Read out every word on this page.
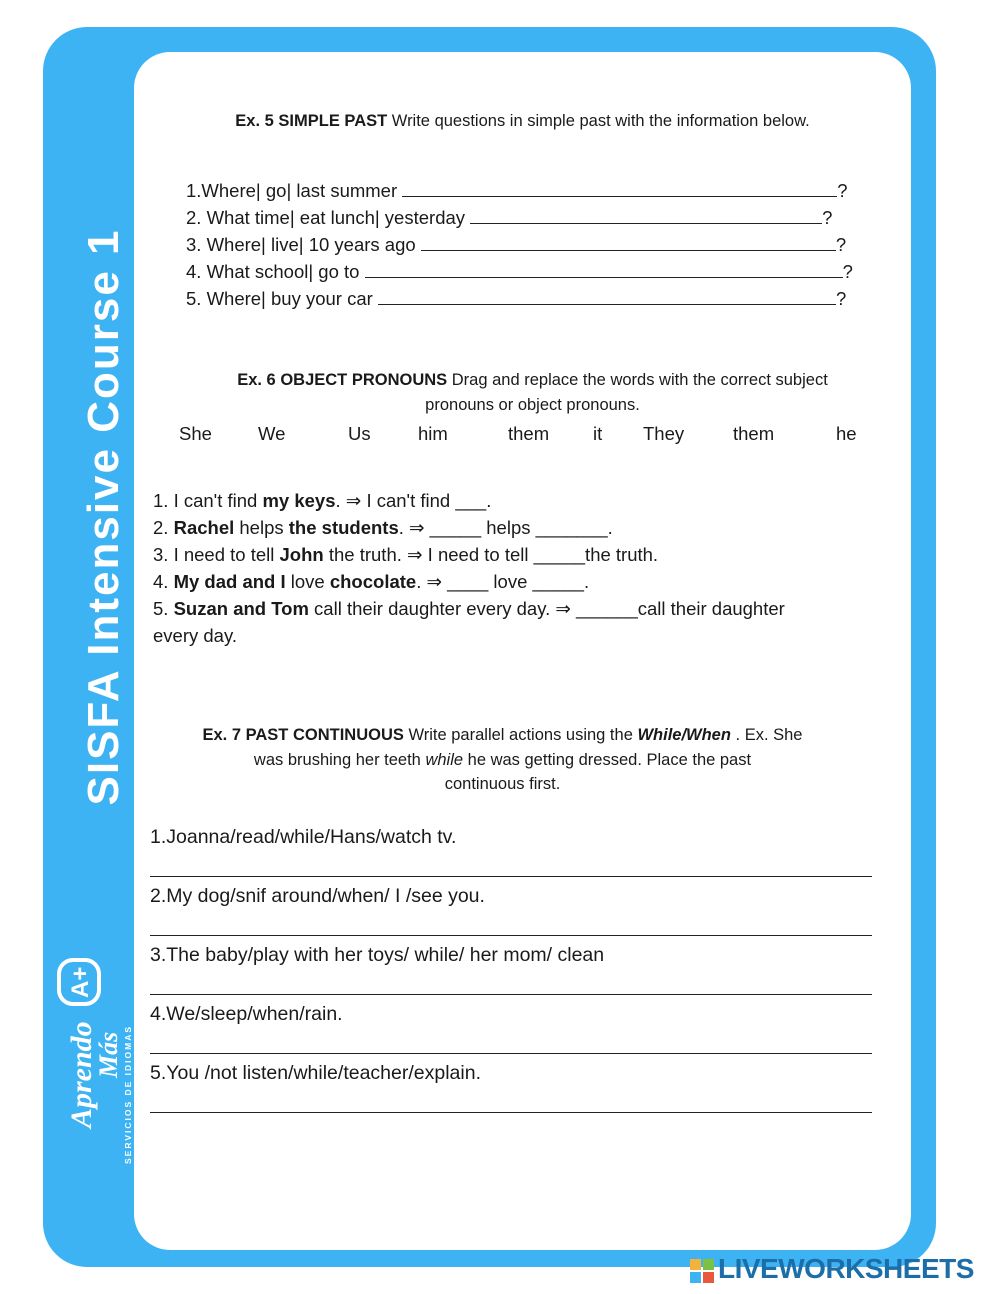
SISFA Intensive Course 1
Aprendo
Más
A+
SERVICIOS DE IDIOMAS
Ex. 5 SIMPLE PAST Write questions in simple past with the information below.
1.Where| go| last summer	?
2. What time| eat lunch| yesterday	?
3. Where| live| 10 years ago	?
4. What school| go to	?
5. Where| buy your car	?
Ex. 6 OBJECT PRONOUNS Drag and replace the words with the correct subject
pronouns or object pronouns.
She We	Us	him	them it They	them	he
1. I can't find my keys. ⇒ I can't find ___.
2. Rachel helps the students. ⇒ _____ helps _______.
3. I need to tell John the truth. ⇒ I need to tell _____the truth.
4. My dad and I love chocolate. ⇒ ____ love _____.
5. Suzan and Tom call their daughter every day. ⇒ ______call their daughter
every day.
Ex. 7 PAST CONTINUOUS Write parallel actions using the While/When . Ex. She
was brushing her teeth while he was getting dressed. Place the past
continuous first.
1.Joanna/read/while/Hans/watch tv.
2.My dog/snif around/when/ I /see you.
3.The baby/play with her toys/ while/ her mom/ clean
4.We/sleep/when/rain.
5.You /not listen/while/teacher/explain.
LIVEWORKSHEETS
